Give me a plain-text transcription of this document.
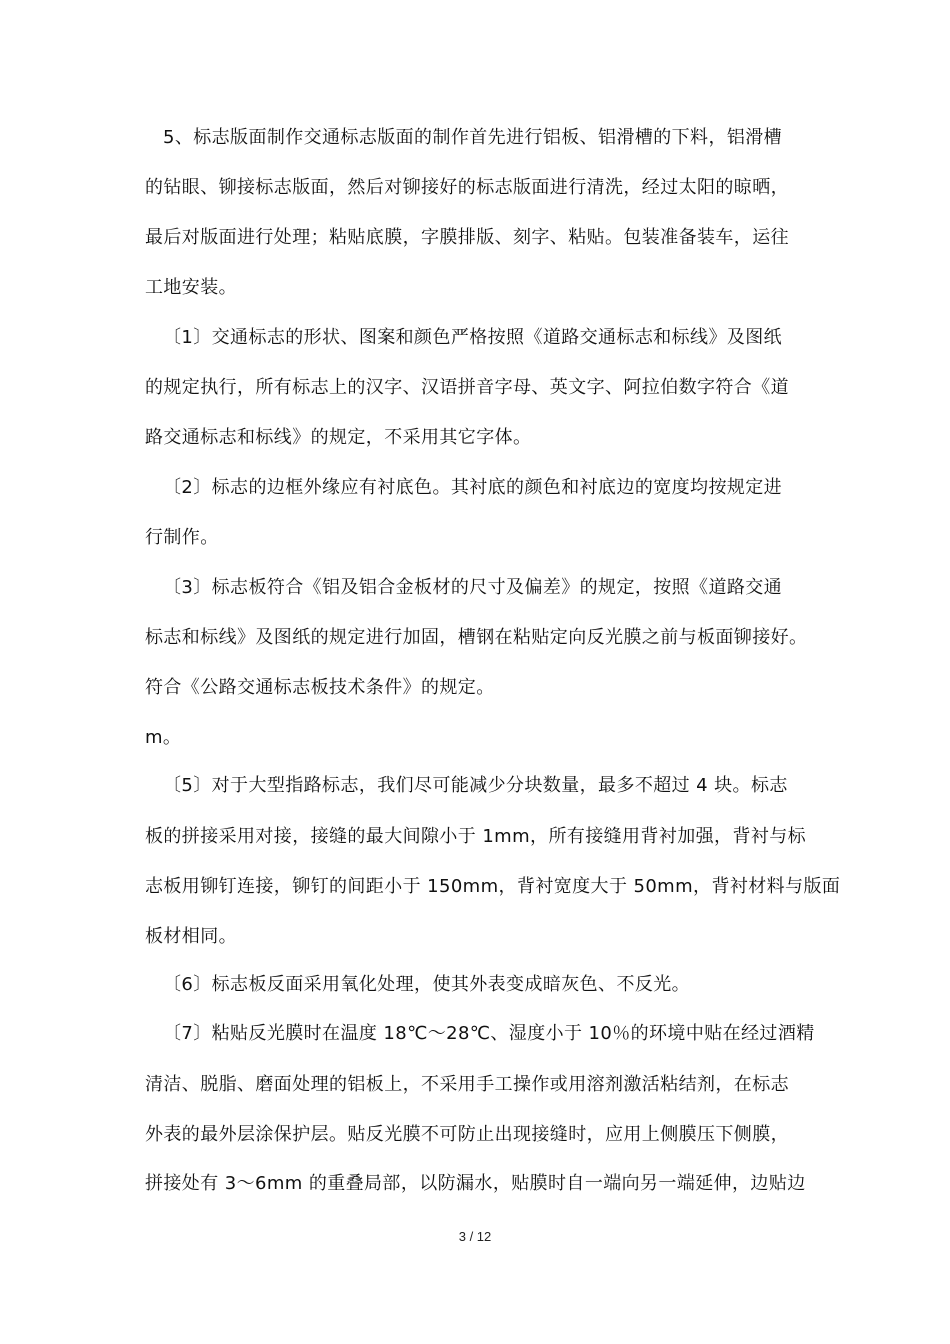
5、标志版面制作交通标志版面的制作首先进行铝板、铝滑槽的下料，铝滑槽
的钻眼、铆接标志版面，然后对铆接好的标志版面进行清洗，经过太阳的晾晒，
最后对版面进行处理；粘贴底膜，字膜排版、刻字、粘贴。包装准备装车，运往
工地安装。
〔1〕交通标志的形状、图案和颜色严格按照《道路交通标志和标线》及图纸
的规定执行，所有标志上的汉字、汉语拼音字母、英文字、阿拉伯数字符合《道
路交通标志和标线》的规定，不采用其它字体。
〔2〕标志的边框外缘应有衬底色。其衬底的颜色和衬底边的宽度均按规定进
行制作。
〔3〕标志板符合《铝及铝合金板材的尺寸及偏差》的规定，按照《道路交通
标志和标线》及图纸的规定进行加固，槽钢在粘贴定向反光膜之前与板面铆接好。
符合《公路交通标志板技术条件》的规定。
m。
〔5〕对于大型指路标志，我们尽可能减少分块数量，最多不超过 4 块。标志
板的拼接采用对接，接缝的最大间隙小于 1mm，所有接缝用背衬加强，背衬与标
志板用铆钉连接，铆钉的间距小于 150mm，背衬宽度大于 50mm，背衬材料与版面
板材相同。
〔6〕标志板反面采用氧化处理，使其外表变成暗灰色、不反光。
〔7〕粘贴反光膜时在温度 18℃～28℃、湿度小于 10％的环境中贴在经过酒精
清洁、脱脂、磨面处理的铝板上，不采用手工操作或用溶剂激活粘结剂，在标志
外表的最外层涂保护层。贴反光膜不可防止出现接缝时，应用上侧膜压下侧膜，
拼接处有 3～6mm 的重叠局部，以防漏水，贴膜时自一端向另一端延伸，边贴边
3 / 12
